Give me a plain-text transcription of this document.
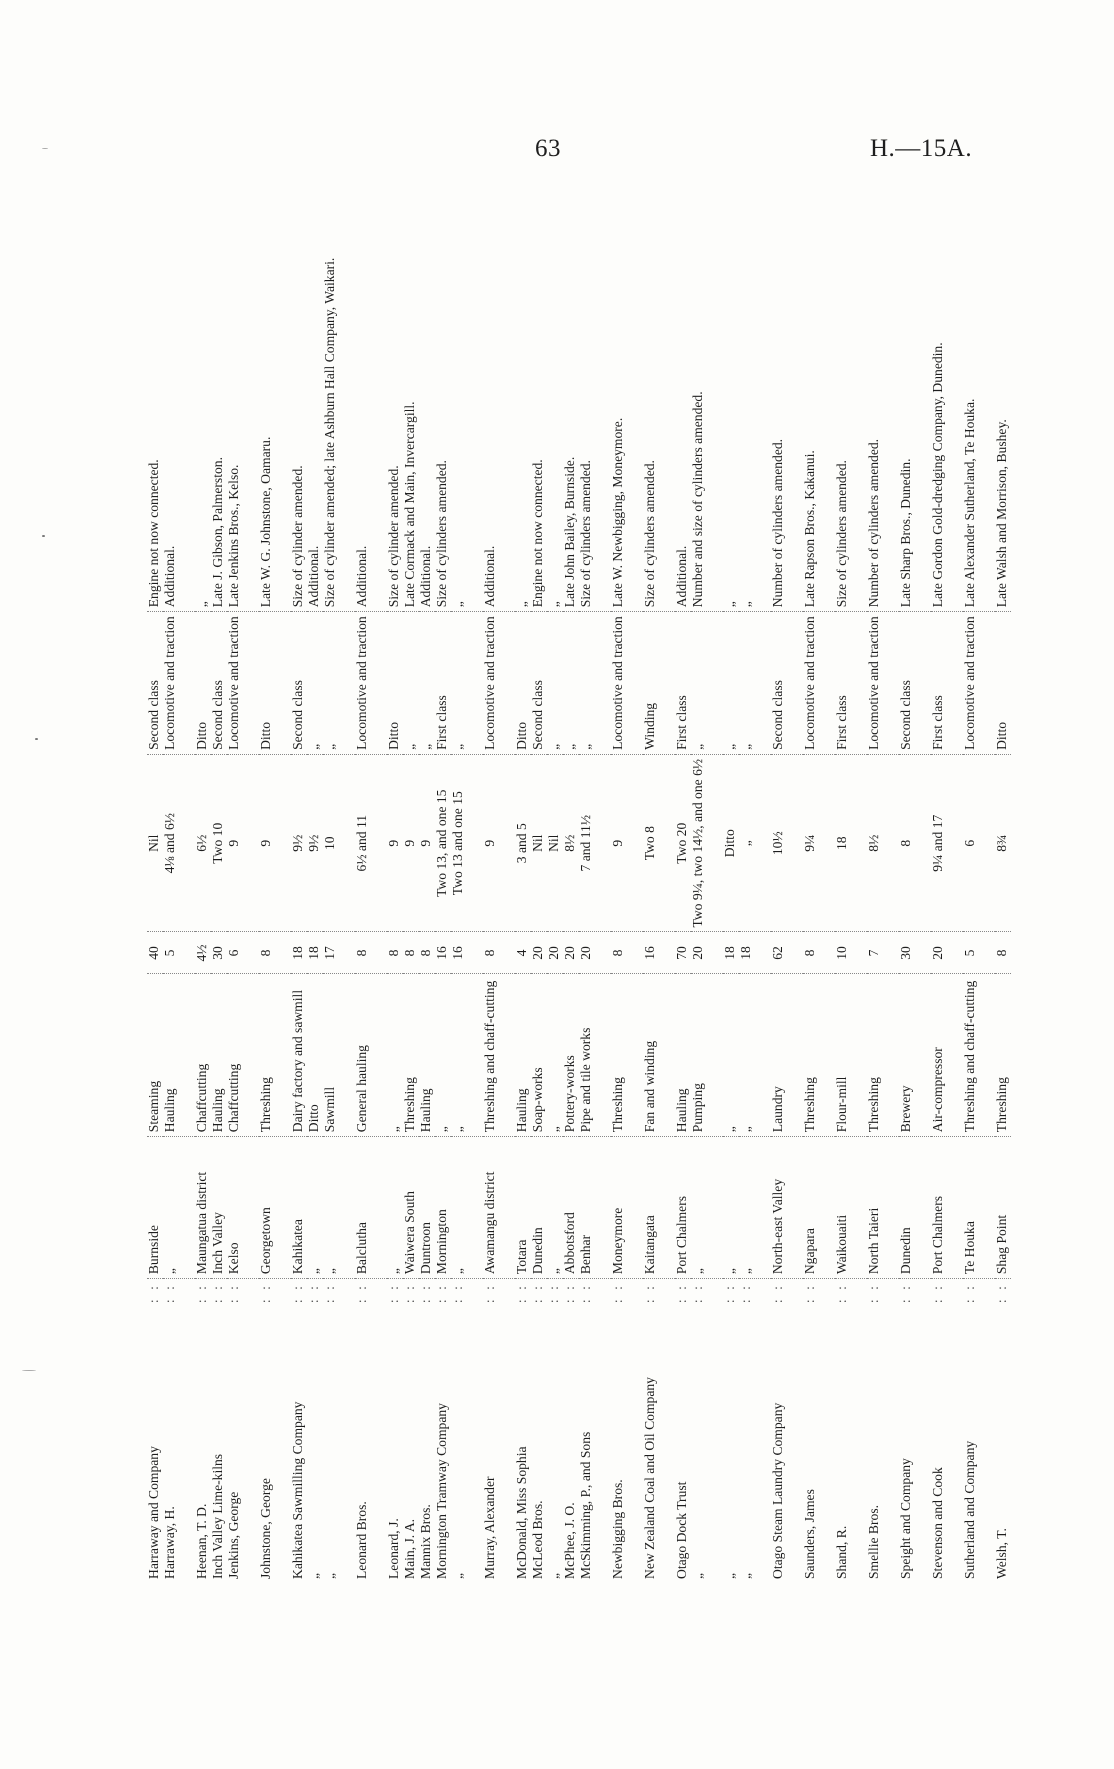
63	H.—15A.
Harraway and Company	: :	Burnside	Steaming	40	Nil	Second class	Engine not now connected.
Harraway, H.	: :	„	Hauling	5	4⅛ and 6½	Locomotive and traction	Additional.
Heenan, T. D.	: :	Maungatua district	Chaffcutting	4½	6½	Ditto	„
Inch Valley Lime-kilns	: :	Inch Valley	Hauling	30	Two 10	Second class	Late J. Gibson, Palmerston.
Jenkins, George	: :	Kelso	Chaffcutting	6	9	Locomotive and traction	Late Jenkins Bros., Kelso.
Johnstone, George	: :	Georgetown	Threshing	8	9	Ditto	Late W. G. Johnstone, Oamaru.
Kahikatea Sawmilling Company	: :	Kahikatea	Dairy factory and sawmill	18	9½	Second class	Size of cylinder amended.
„	: :	„	Ditto	18	9½	„	Additional.
„	: :	„	Sawmill	17	10	„	Size of cylinder amended; late Ashburn Hall Company, Waikari.
Leonard Bros.	: :	Balclutha	General hauling	8	6½ and 11	Locomotive and traction	Additional.
Leonard, J.	: :	„	„	8	9	Ditto	Size of cylinder amended.
Main, J. A.	: :	Waiwera South	Threshing	8	9	„	Late Cormack and Main, Invercargill.
Mannix Bros.	: :	Duntroon	Hauling	8	9	„	Additional.
Mornington Tramway Company	: :	Mornington	„	16	Two 13, and one 15	First class	Size of cylinders amended.
„	: :	„	„	16	Two 13 and one 15	„	„
Murray, Alexander	: :	Awamangu district	Threshing and chaff-cutting	8	9	Locomotive and traction	Additional.
McDonald, Miss Sophia	: :	Totara	Hauling	4	3 and 5	Ditto	„
McLeod Bros.	: :	Dunedin	Soap-works	20	Nil	Second class	Engine not now connected.
„	: :	„	„	20	Nil	„	„
McPhee, J. O.	: :	Abbotsford	Pottery-works	20	8½	„	Late John Bailey, Burnside.
McSkimming, P., and Sons	: :	Benhar	Pipe and tile works	20	7 and 11½	„	Size of cylinders amended.
Newbigging Bros.	: :	Moneymore	Threshing	8	9	Locomotive and traction	Late W. Newbigging, Moneymore.
New Zealand Coal and Oil Company	: :	Kaitangata	Fan and winding	16	Two 8	Winding	Size of cylinders amended.
Otago Dock Trust	: :	Port Chalmers	Hauling	70	Two 20	First class	Additional.
„	: :	„	Pumping	20	Two 9¼, two 14½, and one 6½	„	Number and size of cylinders amended.
„	: :	„	„	18	Ditto	„	„
„	: :	„	„	18	„	„	„
Otago Steam Laundry Company	: :	North-east Valley	Laundry	62	10½	Second class	Number of cylinders amended.
Saunders, James	: :	Ngapara	Threshing	8	9¼	Locomotive and traction	Late Rapson Bros., Kakanui.
Shand, R.	: :	Waikouaiti	Flour-mill	10	18	First class	Size of cylinders amended.
Smellie Bros.	: :	North Taieri	Threshing	7	8½	Locomotive and traction	Number of cylinders amended.
Speight and Company	: :	Dunedin	Brewery	30	8	Second class	Late Sharp Bros., Dunedin.
Stevenson and Cook	: :	Port Chalmers	Air-compressor	20	9¼ and 17	First class	Late Gordon Gold-dredging Company, Dunedin.
Sutherland and Company	: :	Te Houka	Threshing and chaff-cutting	5	6	Locomotive and traction	Late Alexander Sutherland, Te Houka.
Welsh, T.	: :	Shag Point	Threshing	8	8¾	Ditto	Late Walsh and Morrison, Bushey.
